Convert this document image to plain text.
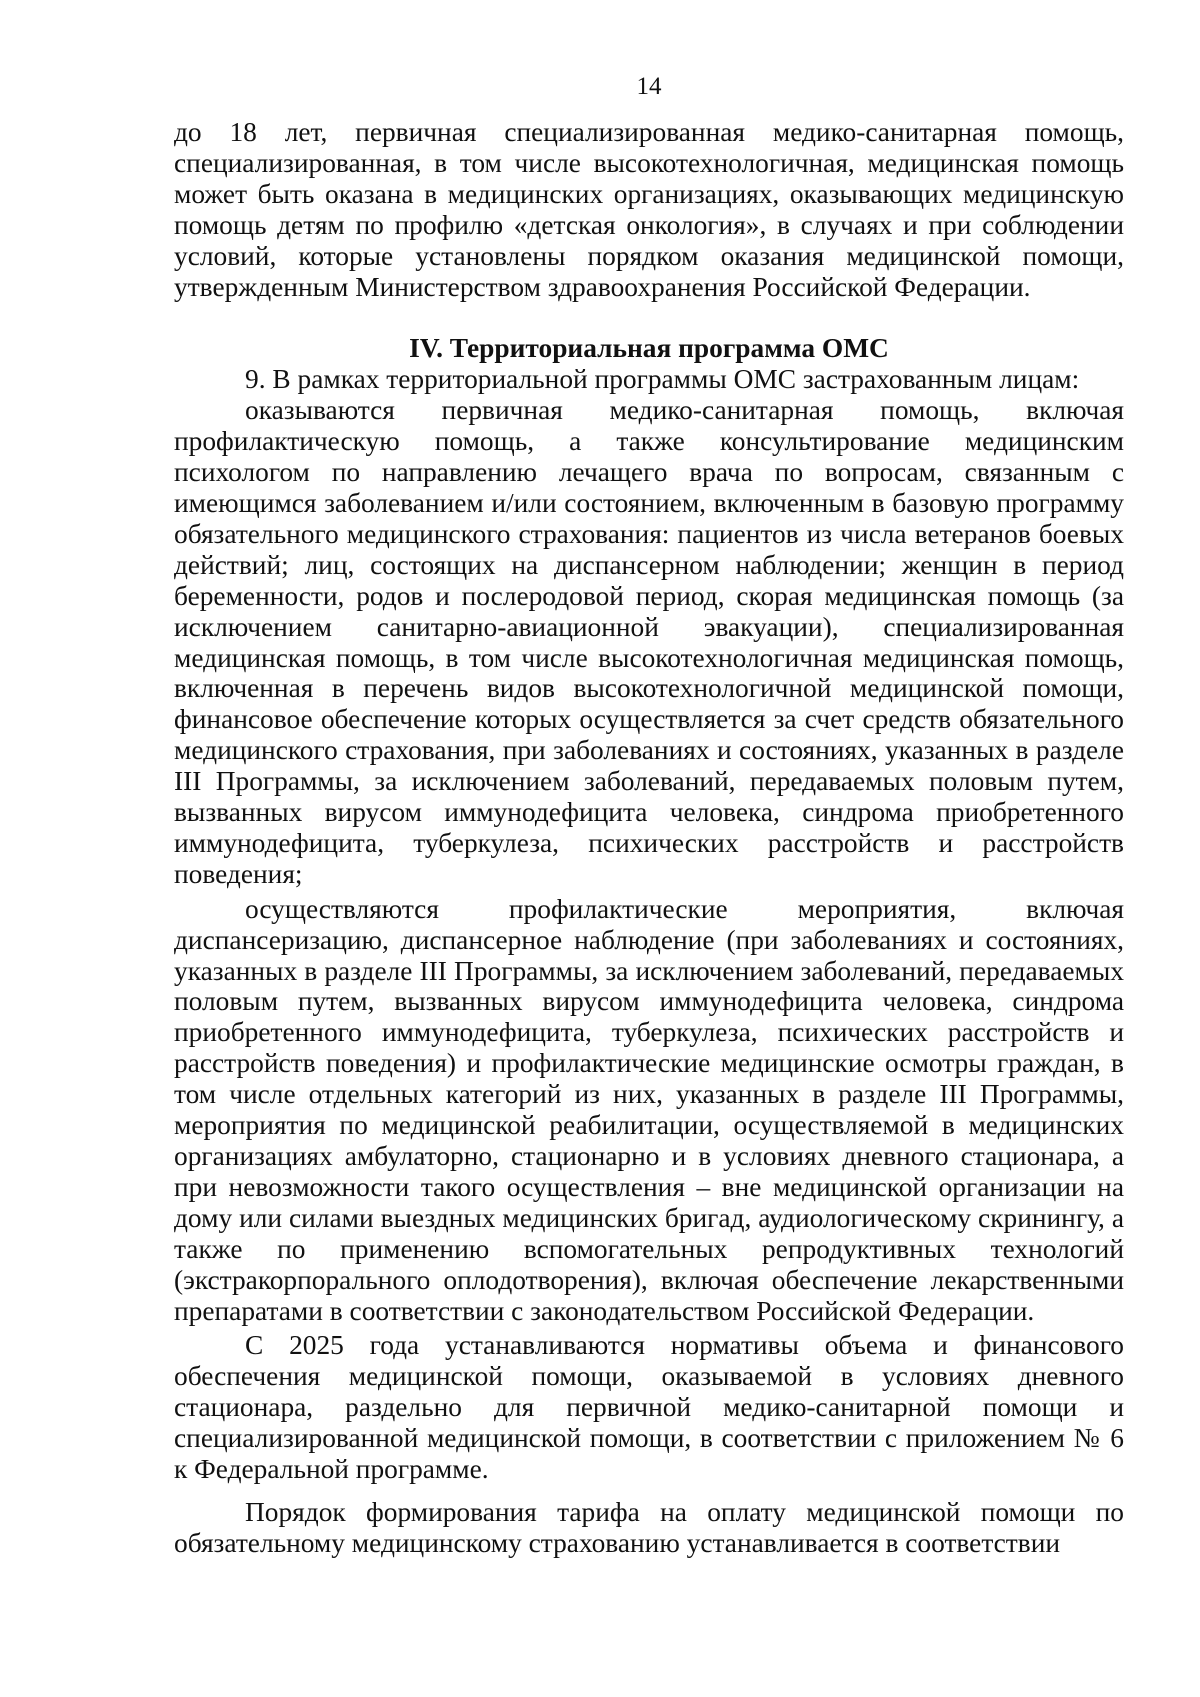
14

до 18 лет, первичная специализированная медико-санитарная помощь, специализированная, в том числе высокотехнологичная, медицинская помощь может быть оказана в медицинских организациях, оказывающих медицинскую помощь детям по профилю «детская онкология», в случаях и при соблюдении условий, которые установлены порядком оказания медицинской помощи, утвержденным Министерством здравоохранения Российской Федерации.

IV. Территориальная программа ОМС

9. В рамках территориальной программы ОМС застрахованным лицам:

оказываются первичная медико-санитарная помощь, включая профилактическую помощь, а также консультирование медицинским психологом по направлению лечащего врача по вопросам, связанным с имеющимся заболеванием и/или состоянием, включенным в базовую программу обязательного медицинского страхования: пациентов из числа ветеранов боевых действий; лиц, состоящих на диспансерном наблюдении; женщин в период беременности, родов и послеродовой период, скорая медицинская помощь (за исключением санитарно-авиационной эвакуации), специализированная медицинская помощь, в том числе высокотехнологичная медицинская помощь, включенная в перечень видов высокотехнологичной медицинской помощи, финансовое обеспечение которых осуществляется за счет средств обязательного медицинского страхования, при заболеваниях и состояниях, указанных в разделе III Программы, за исключением заболеваний, передаваемых половым путем, вызванных вирусом иммунодефицита человека, синдрома приобретенного иммунодефицита, туберкулеза, психических расстройств и расстройств поведения;

осуществляются профилактические мероприятия, включая диспансеризацию, диспансерное наблюдение (при заболеваниях и состояниях, указанных в разделе III Программы, за исключением заболеваний, передаваемых половым путем, вызванных вирусом иммунодефицита человека, синдрома приобретенного иммунодефицита, туберкулеза, психических расстройств и расстройств поведения) и профилактические медицинские осмотры граждан, в том числе отдельных категорий из них, указанных в разделе III Программы, мероприятия по медицинской реабилитации, осуществляемой в медицинских организациях амбулаторно, стационарно и в условиях дневного стационара, а при невозможности такого осуществления – вне медицинской организации на дому или силами выездных медицинских бригад, аудиологическому скринингу, а также по применению вспомогательных репродуктивных технологий (экстракорпорального оплодотворения), включая обеспечение лекарственными препаратами в соответствии с законодательством Российской Федерации.

С 2025 года устанавливаются нормативы объема и финансового обеспечения медицинской помощи, оказываемой в условиях дневного стационара, раздельно для первичной медико-санитарной помощи и специализированной медицинской помощи, в соответствии с приложением № 6 к Федеральной программе.

Порядок формирования тарифа на оплату медицинской помощи по обязательному медицинскому страхованию устанавливается в соответствии
